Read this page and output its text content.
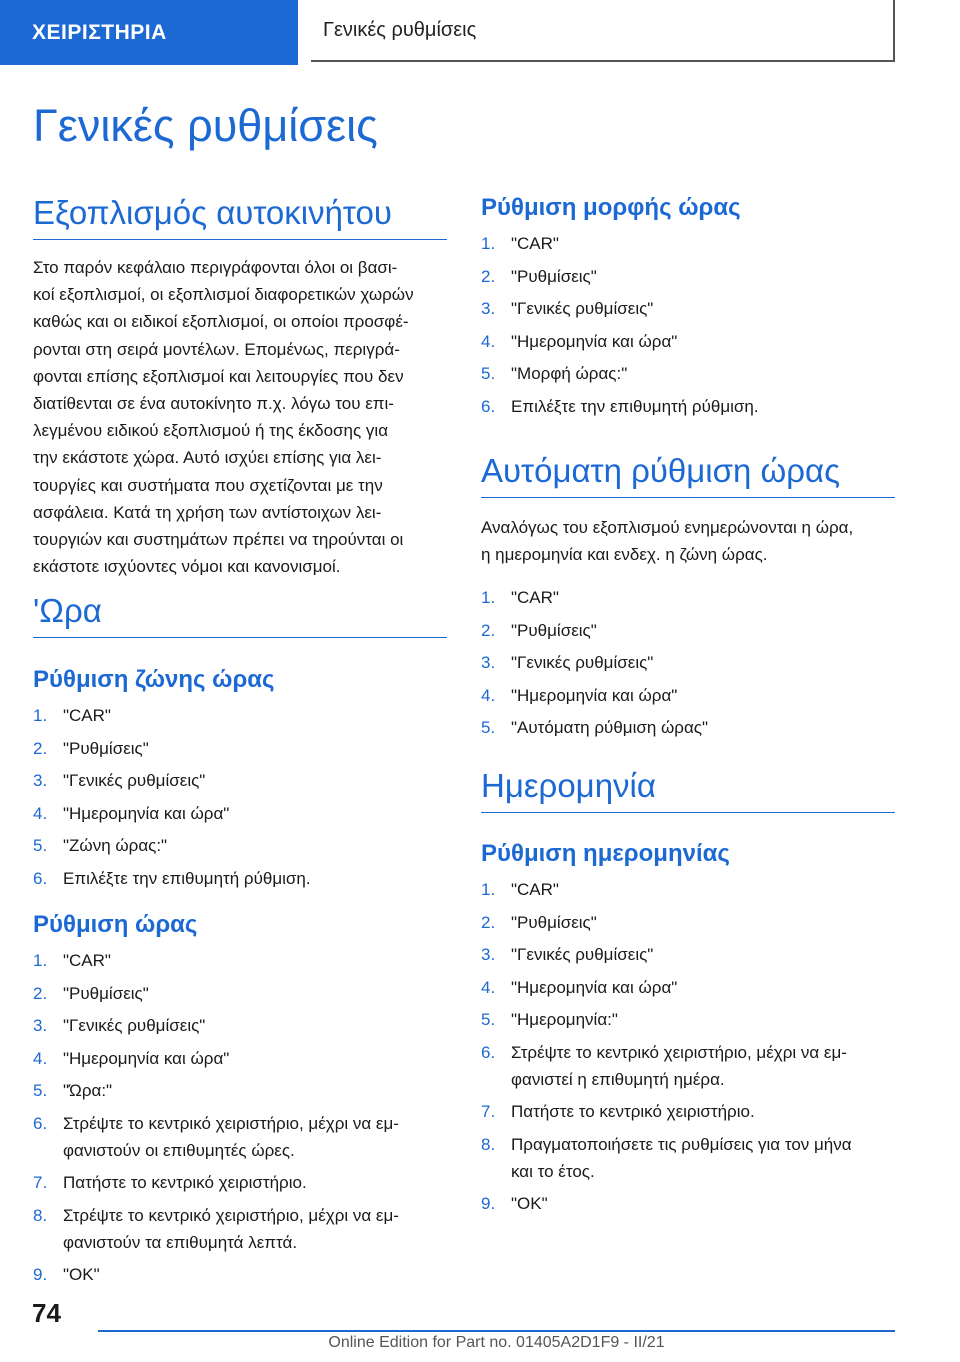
ΧΕΙΡΙΣΤΗΡΙΑ	Γενικές ρυθμίσεις
Γενικές ρυθμίσεις
Εξοπλισμός αυτοκινήτου

Στο παρόν κεφάλαιο περιγράφονται όλοι οι βασι-
κοί εξοπλισμοί, οι εξοπλισμοί διαφορετικών χωρών
καθώς και οι ειδικοί εξοπλισμοί, οι οποίοι προσφέ-
ρονται στη σειρά μοντέλων. Επομένως, περιγρά-
φονται επίσης εξοπλισμοί και λειτουργίες που δεν
διατίθενται σε ένα αυτοκίνητο π.χ. λόγω του επι-
λεγμένου ειδικού εξοπλισμού ή της έκδοσης για
την εκάστοτε χώρα. Αυτό ισχύει επίσης για λει-
τουργίες και συστήματα που σχετίζονται με την
ασφάλεια. Κατά τη χρήση των αντίστοιχων λει-
τουργιών και συστημάτων πρέπει να τηρούνται οι
εκάστοτε ισχύοντες νόμοι και κανονισμοί.

'Ωρα
Ρύθμιση ζώνης ώρας
1. "CAR"
2. "Ρυθμίσεις"
3. "Γενικές ρυθμίσεις"
4. "Ημερομηνία και ώρα"
5. "Ζώνη ώρας:"
6. Επιλέξτε την επιθυμητή ρύθμιση.
Ρύθμιση ώρας
1. "CAR"
2. "Ρυθμίσεις"
3. "Γενικές ρυθμίσεις"
4. "Ημερομηνία και ώρα"
5. "Ώρα:"
6. Στρέψτε το κεντρικό χειριστήριο, μέχρι να εμ-
φανιστούν οι επιθυμητές ώρες.
7. Πατήστε το κεντρικό χειριστήριο.
8. Στρέψτε το κεντρικό χειριστήριο, μέχρι να εμ-
φανιστούν τα επιθυμητά λεπτά.
9. "OK"
Ρύθμιση μορφής ώρας
1. "CAR"
2. "Ρυθμίσεις"
3. "Γενικές ρυθμίσεις"
4. "Ημερομηνία και ώρα"
5. "Μορφή ώρας:"
6. Επιλέξτε την επιθυμητή ρύθμιση.
Αυτόματη ρύθμιση ώρας

Αναλόγως του εξοπλισμού ενημερώνονται η ώρα,
η ημερομηνία και ενδεχ. η ζώνη ώρας.

1. "CAR"
2. "Ρυθμίσεις"
3. "Γενικές ρυθμίσεις"
4. "Ημερομηνία και ώρα"
5. "Αυτόματη ρύθμιση ώρας"
Ημερομηνία
Ρύθμιση ημερομηνίας
1. "CAR"
2. "Ρυθμίσεις"
3. "Γενικές ρυθμίσεις"
4. "Ημερομηνία και ώρα"
5. "Ημερομηνία:"
6. Στρέψτε το κεντρικό χειριστήριο, μέχρι να εμ-
φανιστεί η επιθυμητή ημέρα.
7. Πατήστε το κεντρικό χειριστήριο.
8. Πραγματοποιήσετε τις ρυθμίσεις για τον μήνα
και το έτος.
9. "OK"
74
Online Edition for Part no. 01405A2D1F9 - II/21
